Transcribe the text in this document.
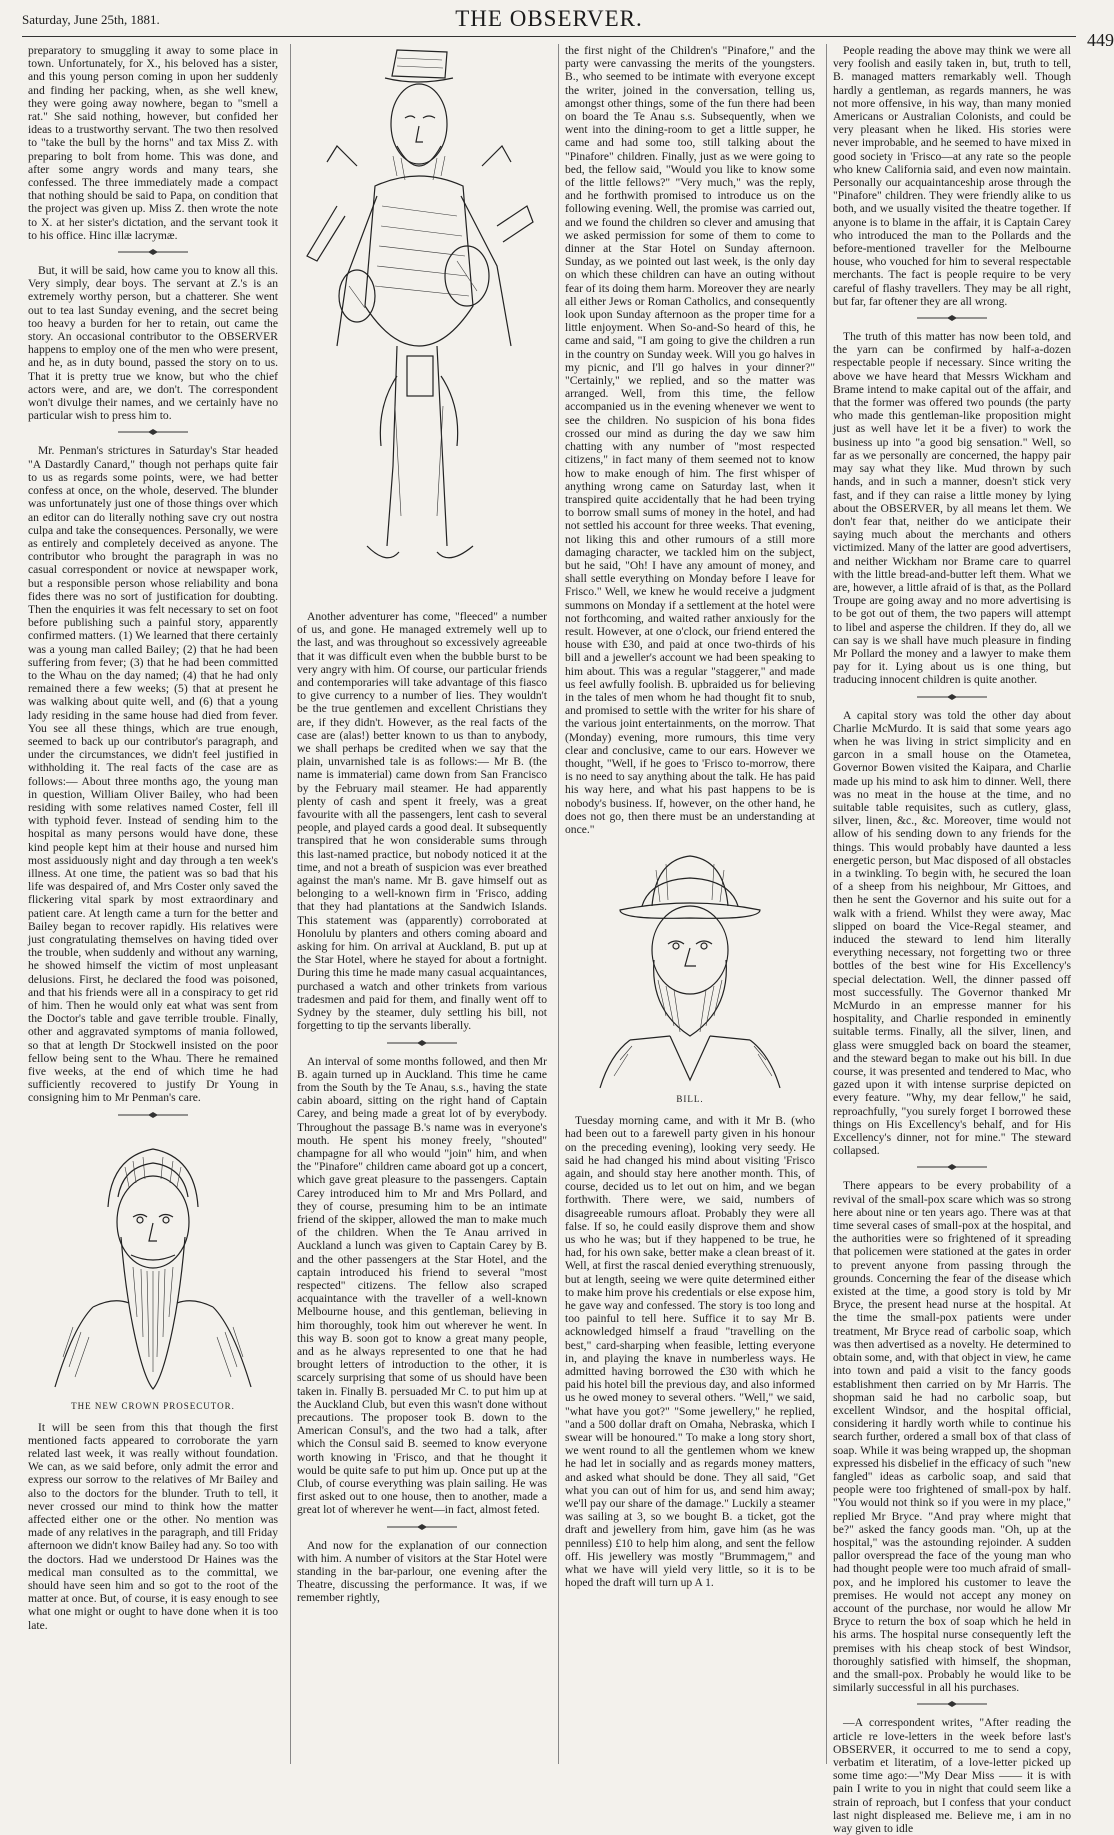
Saturday, June 25th, 1881.	THE OBSERVER.
449

preparatory to smuggling it away to some place in town. Unfortunately, for X., his beloved has a sister, and this young person coming in upon her suddenly and finding her packing, when, as she well knew, they were going away nowhere, began to "smell a rat." She said nothing, however, but confided her ideas to a trustworthy servant. The two then resolved to "take the bull by the horns" and tax Miss Z. with preparing to bolt from home. This was done, and after some angry words and many tears, she confessed. The three immediately made a compact that nothing should be said to Papa, on condition that the project was given up. Miss Z. then wrote the note to X. at her sister's dictation, and the servant took it to his office. Hinc illæ lacrymæ.

But, it will be said, how came you to know all this. Very simply, dear boys. The servant at Z.'s is an extremely worthy person, but a chatterer. She went out to tea last Sunday evening, and the secret being too heavy a burden for her to retain, out came the story. An occasional contributor to the OBSERVER happens to employ one of the men who were present, and he, as in duty bound, passed the story on to us. That it is pretty true we know, but who the chief actors were, and are, we don't. The correspondent won't divulge their names, and we certainly have no particular wish to press him to.

Mr. Penman's strictures in Saturday's Star headed "A Dastardly Canard," though not perhaps quite fair to us as regards some points, were, we had better confess at once, on the whole, deserved. The blunder was unfortunately just one of those things over which an editor can do literally nothing save cry out nostra culpa and take the consequences. Personally, we were as entirely and completely deceived as anyone. The contributor who brought the paragraph in was no casual correspondent or novice at newspaper work, but a responsible person whose reliability and bona fides there was no sort of justification for doubting. Then the enquiries it was felt necessary to set on foot before publishing such a painful story, apparently confirmed matters. (1) We learned that there certainly was a young man called Bailey; (2) that he had been suffering from fever; (3) that he had been committed to the Whau on the day named; (4) that he had only remained there a few weeks; (5) that at present he was walking about quite well, and (6) that a young lady residing in the same house had died from fever. You see all these things, which are true enough, seemed to back up our contributor's paragraph, and under the circumstances, we didn't feel justified in withholding it. The real facts of the case are as follows:— About three months ago, the young man in question, William Oliver Bailey, who had been residing with some relatives named Coster, fell ill with typhoid fever. Instead of sending him to the hospital as many persons would have done, these kind people kept him at their house and nursed him most assiduously night and day through a ten week's illness. At one time, the patient was so bad that his life was despaired of, and Mrs Coster only saved the flickering vital spark by most extraordinary and patient care. At length came a turn for the better and Bailey began to recover rapidly. His relatives were just congratulating themselves on having tided over the trouble, when suddenly and without any warning, he showed himself the victim of most unpleasant delusions. First, he declared the food was poisoned, and that his friends were all in a conspiracy to get rid of him. Then he would only eat what was sent from the Doctor's table and gave terrible trouble. Finally, other and aggravated symptoms of mania followed, so that at length Dr Stockwell insisted on the poor fellow being sent to the Whau. There he remained five weeks, at the end of which time he had sufficiently recovered to justify Dr Young in consigning him to Mr Penman's care.

THE NEW CROWN PROSECUTOR.

It will be seen from this that though the first mentioned facts appeared to corroborate the yarn related last week, it was really without foundation. We can, as we said before, only admit the error and express our sorrow to the relatives of Mr Bailey and also to the doctors for the blunder. Truth to tell, it never crossed our mind to think how the matter affected either one or the other. No mention was made of any relatives in the paragraph, and till Friday afternoon we didn't know Bailey had any. So too with the doctors. Had we understood Dr Haines was the medical man consulted as to the committal, we should have seen him and so got to the root of the matter at once. But, of course, it is easy enough to see what one might or ought to have done when it is too late.

Another adventurer has come, "fleeced" a number of us, and gone. He managed extremely well up to the last, and was throughout so excessively agreeable that it was difficult even when the bubble burst to be very angry with him. Of course, our particular friends and contemporaries will take advantage of this fiasco to give currency to a number of lies. They wouldn't be the true gentlemen and excellent Christians they are, if they didn't. However, as the real facts of the case are (alas!) better known to us than to anybody, we shall perhaps be credited when we say that the plain, unvarnished tale is as follows:— Mr B. (the name is immaterial) came down from San Francisco by the February mail steamer. He had apparently plenty of cash and spent it freely, was a great favourite with all the passengers, lent cash to several people, and played cards a good deal. It subsequently transpired that he won considerable sums through this last-named practice, but nobody noticed it at the time, and not a breath of suspicion was ever breathed against the man's name. Mr B. gave himself out as belonging to a well-known firm in 'Frisco, adding that they had plantations at the Sandwich Islands. This statement was (apparently) corroborated at Honolulu by planters and others coming aboard and asking for him. On arrival at Auckland, B. put up at the Star Hotel, where he stayed for about a fortnight. During this time he made many casual acquaintances, purchased a watch and other trinkets from various tradesmen and paid for them, and finally went off to Sydney by the steamer, duly settling his bill, not forgetting to tip the servants liberally.

An interval of some months followed, and then Mr B. again turned up in Auckland. This time he came from the South by the Te Anau, s.s., having the state cabin aboard, sitting on the right hand of Captain Carey, and being made a great lot of by everybody. Throughout the passage B.'s name was in everyone's mouth. He spent his money freely, "shouted" champagne for all who would "join" him, and when the "Pinafore" children came aboard got up a concert, which gave great pleasure to the passengers. Captain Carey introduced him to Mr and Mrs Pollard, and they of course, presuming him to be an intimate friend of the skipper, allowed the man to make much of the children. When the Te Anau arrived in Auckland a lunch was given to Captain Carey by B. and the other passengers at the Star Hotel, and the captain introduced his friend to several "most respected" citizens. The fellow also scraped acquaintance with the traveller of a well-known Melbourne house, and this gentleman, believing in him thoroughly, took him out wherever he went. In this way B. soon got to know a great many people, and as he always represented to one that he had brought letters of introduction to the other, it is scarcely surprising that some of us should have been taken in. Finally B. persuaded Mr C. to put him up at the Auckland Club, but even this wasn't done without precautions. The proposer took B. down to the American Consul's, and the two had a talk, after which the Consul said B. seemed to know everyone worth knowing in 'Frisco, and that he thought it would be quite safe to put him up. Once put up at the Club, of course everything was plain sailing. He was first asked out to one house, then to another, made a great lot of wherever he went—in fact, almost feted.

And now for the explanation of our connection with him. A number of visitors at the Star Hotel were standing in the bar-parlour, one evening after the Theatre, discussing the performance. It was, if we remember rightly,

the first night of the Children's "Pinafore," and the party were canvassing the merits of the youngsters. B., who seemed to be intimate with everyone except the writer, joined in the conversation, telling us, amongst other things, some of the fun there had been on board the Te Anau s.s. Subsequently, when we went into the dining-room to get a little supper, he came and had some too, still talking about the "Pinafore" children. Finally, just as we were going to bed, the fellow said, "Would you like to know some of the little fellows?" "Very much," was the reply, and he forthwith promised to introduce us on the following evening. Well, the promise was carried out, and we found the children so clever and amusing that we asked permission for some of them to come to dinner at the Star Hotel on Sunday afternoon. Sunday, as we pointed out last week, is the only day on which these children can have an outing without fear of its doing them harm. Moreover they are nearly all either Jews or Roman Catholics, and consequently look upon Sunday afternoon as the proper time for a little enjoyment. When So-and-So heard of this, he came and said, "I am going to give the children a run in the country on Sunday week. Will you go halves in my picnic, and I'll go halves in your dinner?" "Certainly," we replied, and so the matter was arranged. Well, from this time, the fellow accompanied us in the evening whenever we went to see the children. No suspicion of his bona fides crossed our mind as during the day we saw him chatting with any number of "most respected citizens," in fact many of them seemed not to know how to make enough of him. The first whisper of anything wrong came on Saturday last, when it transpired quite accidentally that he had been trying to borrow small sums of money in the hotel, and had not settled his account for three weeks. That evening, not liking this and other rumours of a still more damaging character, we tackled him on the subject, but he said, "Oh! I have any amount of money, and shall settle everything on Monday before I leave for Frisco." Well, we knew he would receive a judgment summons on Monday if a settlement at the hotel were not forthcoming, and waited rather anxiously for the result. However, at one o'clock, our friend entered the house with £30, and paid at once two-thirds of his bill and a jeweller's account we had been speaking to him about. This was a regular "staggerer," and made us feel awfully foolish. B. upbraided us for believing in the tales of men whom he had thought fit to snub, and promised to settle with the writer for his share of the various joint entertainments, on the morrow. That (Monday) evening, more rumours, this time very clear and conclusive, came to our ears. However we thought, "Well, if he goes to 'Frisco to-morrow, there is no need to say anything about the talk. He has paid his way here, and what his past happens to be is nobody's business. If, however, on the other hand, he does not go, then there must be an understanding at once."

BILL.

Tuesday morning came, and with it Mr B. (who had been out to a farewell party given in his honour on the preceding evening), looking very seedy. He said he had changed his mind about visiting 'Frisco again, and should stay here another month. This, of course, decided us to let out on him, and we began forthwith. There were, we said, numbers of disagreeable rumours afloat. Probably they were all false. If so, he could easily disprove them and show us who he was; but if they happened to be true, he had, for his own sake, better make a clean breast of it. Well, at first the rascal denied everything strenuously, but at length, seeing we were quite determined either to make him prove his credentials or else expose him, he gave way and confessed. The story is too long and too painful to tell here. Suffice it to say Mr B. acknowledged himself a fraud "travelling on the best," card-sharping when feasible, letting everyone in, and playing the knave in numberless ways. He admitted having borrowed the £30 with which he paid his hotel bill the previous day, and also informed us he owed money to several others. "Well," we said, "what have you got?" "Some jewellery," he replied, "and a 500 dollar draft on Omaha, Nebraska, which I swear will be honoured." To make a long story short, we went round to all the gentlemen whom we knew he had let in socially and as regards money matters, and asked what should be done. They all said, "Get what you can out of him for us, and send him away; we'll pay our share of the damage." Luckily a steamer was sailing at 3, so we bought B. a ticket, got the draft and jewellery from him, gave him (as he was penniless) £10 to help him along, and sent the fellow off. His jewellery was mostly "Brummagem," and what we have will yield very little, so it is to be hoped the draft will turn up A 1.

People reading the above may think we were all very foolish and easily taken in, but, truth to tell, B. managed matters remarkably well. Though hardly a gentleman, as regards manners, he was not more offensive, in his way, than many monied Americans or Australian Colonists, and could be very pleasant when he liked. His stories were never improbable, and he seemed to have mixed in good society in 'Frisco—at any rate so the people who knew California said, and even now maintain. Personally our acquaintanceship arose through the "Pinafore" children. They were friendly alike to us both, and we usually visited the theatre together. If anyone is to blame in the affair, it is Captain Carey who introduced the man to the Pollards and the before-mentioned traveller for the Melbourne house, who vouched for him to several respectable merchants. The fact is people require to be very careful of flashy travellers. They may be all right, but far, far oftener they are all wrong.

The truth of this matter has now been told, and the yarn can be confirmed by half-a-dozen respectable people if necessary. Since writing the above we have heard that Messrs Wickham and Brame intend to make capital out of the affair, and that the former was offered two pounds (the party who made this gentleman-like proposition might just as well have let it be a fiver) to work the business up into "a good big sensation." Well, so far as we personally are concerned, the happy pair may say what they like. Mud thrown by such hands, and in such a manner, doesn't stick very fast, and if they can raise a little money by lying about the OBSERVER, by all means let them. We don't fear that, neither do we anticipate their saying much about the merchants and others victimized. Many of the latter are good advertisers, and neither Wickham nor Brame care to quarrel with the little bread-and-butter left them. What we are, however, a little afraid of is that, as the Pollard Troupe are going away and no more advertising is to be got out of them, the two papers will attempt to libel and asperse the children. If they do, all we can say is we shall have much pleasure in finding Mr Pollard the money and a lawyer to make them pay for it. Lying about us is one thing, but traducing innocent children is quite another.

A capital story was told the other day about Charlie McMurdo. It is said that some years ago when he was living in strict simplicity and en garcon in a small house on the Otametea, Governor Bowen visited the Kaipara, and Charlie made up his mind to ask him to dinner. Well, there was no meat in the house at the time, and no suitable table requisites, such as cutlery, glass, silver, linen, &c., &c. Moreover, time would not allow of his sending down to any friends for the things. This would probably have daunted a less energetic person, but Mac disposed of all obstacles in a twinkling. To begin with, he secured the loan of a sheep from his neighbour, Mr Gittoes, and then he sent the Governor and his suite out for a walk with a friend. Whilst they were away, Mac slipped on board the Vice-Regal steamer, and induced the steward to lend him literally everything necessary, not forgetting two or three bottles of the best wine for His Excellency's special delectation. Well, the dinner passed off most successfully. The Governor thanked Mr McMurdo in an empresse manner for his hospitality, and Charlie responded in eminently suitable terms. Finally, all the silver, linen, and glass were smuggled back on board the steamer, and the steward began to make out his bill. In due course, it was presented and tendered to Mac, who gazed upon it with intense surprise depicted on every feature. "Why, my dear fellow," he said, reproachfully, "you surely forget I borrowed these things on His Excellency's behalf, and for His Excellency's dinner, not for mine." The steward collapsed.

There appears to be every probability of a revival of the small-pox scare which was so strong here about nine or ten years ago. There was at that time several cases of small-pox at the hospital, and the authorities were so frightened of it spreading that policemen were stationed at the gates in order to prevent anyone from passing through the grounds. Concerning the fear of the disease which existed at the time, a good story is told by Mr Bryce, the present head nurse at the hospital. At the time the small-pox patients were under treatment, Mr Bryce read of carbolic soap, which was then advertised as a novelty. He determined to obtain some, and, with that object in view, he came into town and paid a visit to the fancy goods establishment then carried on by Mr Harris. The shopman said he had no carbolic soap, but excellent Windsor, and the hospital official, considering it hardly worth while to continue his search further, ordered a small box of that class of soap. While it was being wrapped up, the shopman expressed his disbelief in the efficacy of such "new fangled" ideas as carbolic soap, and said that people were too frightened of small-pox by half. "You would not think so if you were in my place," replied Mr Bryce. "And pray where might that be?" asked the fancy goods man. "Oh, up at the hospital," was the astounding rejoinder. A sudden pallor overspread the face of the young man who had thought people were too much afraid of small-pox, and he implored his customer to leave the premises. He would not accept any money on account of the purchase, nor would he allow Mr Bryce to return the box of soap which he held in his arms. The hospital nurse consequently left the premises with his cheap stock of best Windsor, thoroughly satisfied with himself, the shopman, and the small-pox. Probably he would like to be similarly successful in all his purchases.

—A correspondent writes, "After reading the article re love-letters in the week before last's OBSERVER, it occurred to me to send a copy, verbatim et literatim, of a love-letter picked up some time ago:—"My Dear Miss —— it is with pain I write to you in night that could seem like a strain of reproach, but I confess that your conduct last night displeased me. Believe me, i am in no way given to idle
